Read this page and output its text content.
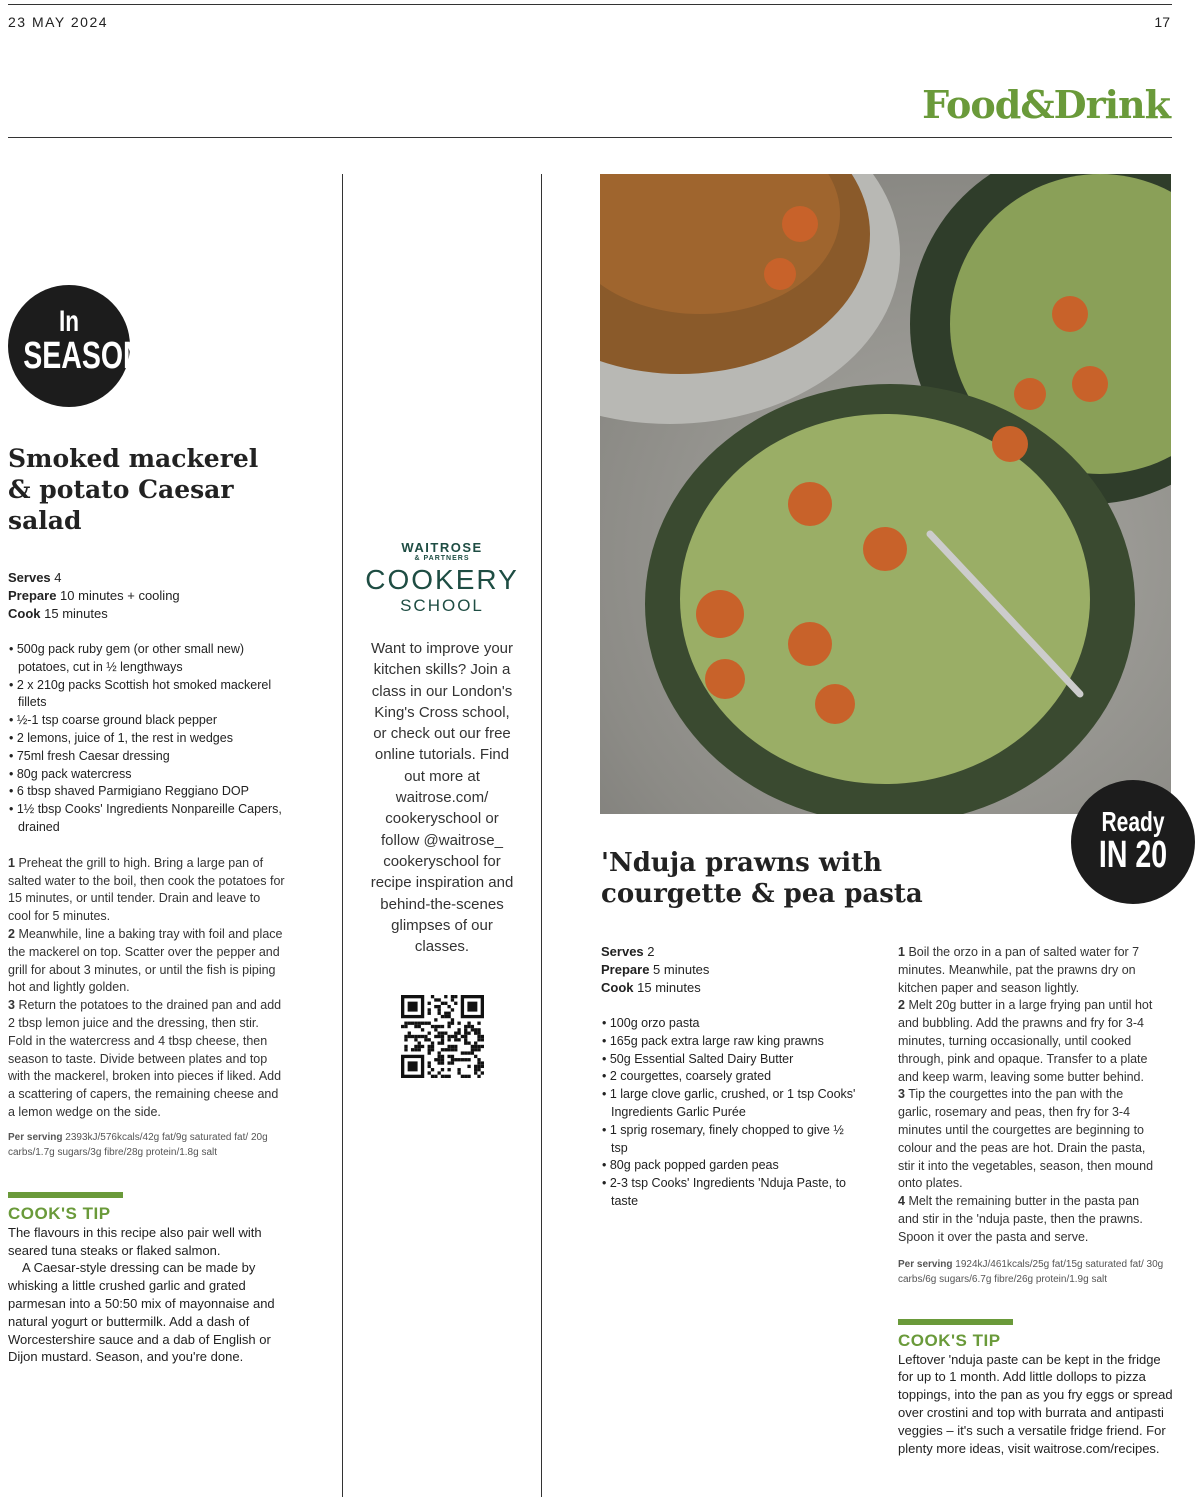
23 MAY 2024	17
Food&Drink
In
SEASON
Smoked mackerel & potato Caesar salad
Serves 4
Prepare 10 minutes + cooling
Cook 15 minutes
• 500g pack ruby gem (or other small new) potatoes, cut in ½ lengthways
• 2 x 210g packs Scottish hot smoked mackerel fillets
• ½-1 tsp coarse ground black pepper
• 2 lemons, juice of 1, the rest in wedges
• 75ml fresh Caesar dressing
• 80g pack watercress
• 6 tbsp shaved Parmigiano Reggiano DOP
• 1½ tbsp Cooks' Ingredients Nonpareille Capers, drained

1 Preheat the grill to high. Bring a large pan of salted water to the boil, then cook the potatoes for 15 minutes, or until tender. Drain and leave to cool for 5 minutes.

2 Meanwhile, line a baking tray with foil and place the mackerel on top. Scatter over the pepper and grill for about 3 minutes, or until the fish is piping hot and lightly golden.

3 Return the potatoes to the drained pan and add 2 tbsp lemon juice and the dressing, then stir. Fold in the watercress and 4 tbsp cheese, then season to taste. Divide between plates and top with the mackerel, broken into pieces if liked. Add a scattering of capers, the remaining cheese and a lemon wedge on the side.

Per serving 2393kJ/576kcals/42g fat/9g saturated fat/ 20g carbs/1.7g sugars/3g fibre/28g protein/1.8g salt
COOK'S TIP

The flavours in this recipe also pair well with seared tuna steaks or flaked salmon.

A Caesar-style dressing can be made by whisking a little crushed garlic and grated parmesan into a 50:50 mix of mayonnaise and natural yogurt or buttermilk. Add a dash of Worcestershire sauce and a dab of English or Dijon mustard. Season, and you're done.

WAITROSE
& PARTNERS
COOKERY
SCHOOL
Want to improve your kitchen skills? Join a class in our London's King's Cross school, or check out our free online tutorials. Find out more at waitrose.com/ cookeryschool or follow @waitrose_ cookeryschool for recipe inspiration and behind-the-scenes glimpses of our classes.
Ready
IN 20
'Nduja prawns with courgette & pea pasta
Serves 2
Prepare 5 minutes
Cook 15 minutes
• 100g orzo pasta
• 165g pack extra large raw king prawns
• 50g Essential Salted Dairy Butter
• 2 courgettes, coarsely grated
• 1 large clove garlic, crushed, or 1 tsp Cooks' Ingredients Garlic Purée
• 1 sprig rosemary, finely chopped to give ½ tsp
• 80g pack popped garden peas
• 2-3 tsp Cooks' Ingredients 'Nduja Paste, to taste

1 Boil the orzo in a pan of salted water for 7 minutes. Meanwhile, pat the prawns dry on kitchen paper and season lightly.

2 Melt 20g butter in a large frying pan until hot and bubbling. Add the prawns and fry for 3-4 minutes, turning occasionally, until cooked through, pink and opaque. Transfer to a plate and keep warm, leaving some butter behind.

3 Tip the courgettes into the pan with the garlic, rosemary and peas, then fry for 3-4 minutes until the courgettes are beginning to colour and the peas are hot. Drain the pasta, stir it into the vegetables, season, then mound onto plates.

4 Melt the remaining butter in the pasta pan and stir in the 'nduja paste, then the prawns. Spoon it over the pasta and serve.

Per serving 1924kJ/461kcals/25g fat/15g saturated fat/ 30g carbs/6g sugars/6.7g fibre/26g protein/1.9g salt
COOK'S TIP
Leftover 'nduja paste can be kept in the fridge for up to 1 month. Add little dollops to pizza toppings, into the pan as you fry eggs or spread over crostini and top with burrata and antipasti veggies – it's such a versatile fridge friend. For plenty more ideas, visit waitrose.com/recipes.
